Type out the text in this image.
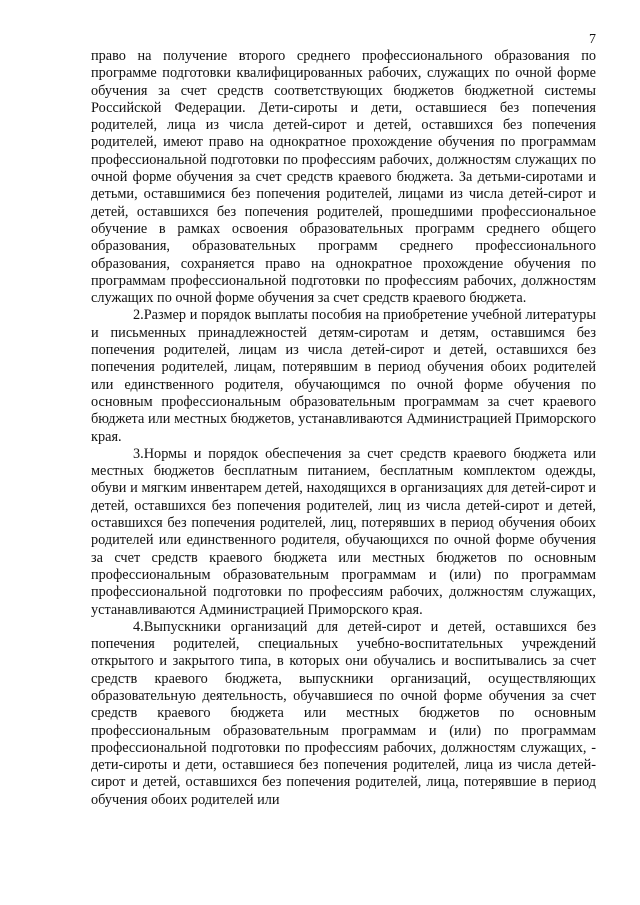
7

право на получение второго среднего профессионального образования по программе подготовки квалифицированных рабочих, служащих по очной форме обучения за счет средств соответствующих бюджетов бюджетной системы Российской Федерации. Дети-сироты и дети, оставшиеся без попечения родителей, лица из числа детей-сирот и детей, оставшихся без попечения родителей, имеют право на однократное прохождение обучения по программам профессиональной подготовки по профессиям рабочих, должностям служащих по очной форме обучения за счет средств краевого бюджета. За детьми-сиротами и детьми, оставшимися без попечения родителей, лицами из числа детей-сирот и детей, оставшихся без попечения родителей, прошедшими профессиональное обучение в рамках освоения образовательных программ среднего общего образования, образовательных программ среднего профессионального образования, сохраняется право на однократное прохождение обучения по программам профессиональной подготовки по профессиям рабочих, должностям служащих по очной форме обучения за счет средств краевого бюджета.

2.Размер и порядок выплаты пособия на приобретение учебной литературы и письменных принадлежностей детям-сиротам и детям, оставшимся без попечения родителей, лицам из числа детей-сирот и детей, оставшихся без попечения родителей, лицам, потерявшим в период обучения обоих родителей или единственного родителя, обучающимся по очной форме обучения по основным профессиональным образовательным программам за счет краевого бюджета или местных бюджетов, устанавливаются Администрацией Приморского края.

3.Нормы и порядок обеспечения за счет средств краевого бюджета или местных бюджетов бесплатным питанием, бесплатным комплектом одежды, обуви и мягким инвентарем детей, находящихся в организациях для детей-сирот и детей, оставшихся без попечения родителей, лиц из числа детей-сирот и детей, оставшихся без попечения родителей, лиц, потерявших в период обучения обоих родителей или единственного родителя, обучающихся по очной форме обучения за счет средств краевого бюджета или местных бюджетов по основным профессиональным образовательным программам и (или) по программам профессиональной подготовки по профессиям рабочих, должностям служащих, устанавливаются Администрацией Приморского края.

4.Выпускники организаций для детей-сирот и детей, оставшихся без попечения родителей, специальных учебно-воспитательных учреждений открытого и закрытого типа, в которых они обучались и воспитывались за счет средств краевого бюджета, выпускники организаций, осуществляющих образовательную деятельность, обучавшиеся по очной форме обучения за счет средств краевого бюджета или местных бюджетов по основным профессиональным образовательным программам и (или) по программам профессиональной подготовки по профессиям рабочих, должностям служащих, - дети-сироты и дети, оставшиеся без попечения родителей, лица из числа детей-сирот и детей, оставшихся без попечения родителей, лица, потерявшие в период обучения обоих родителей или
